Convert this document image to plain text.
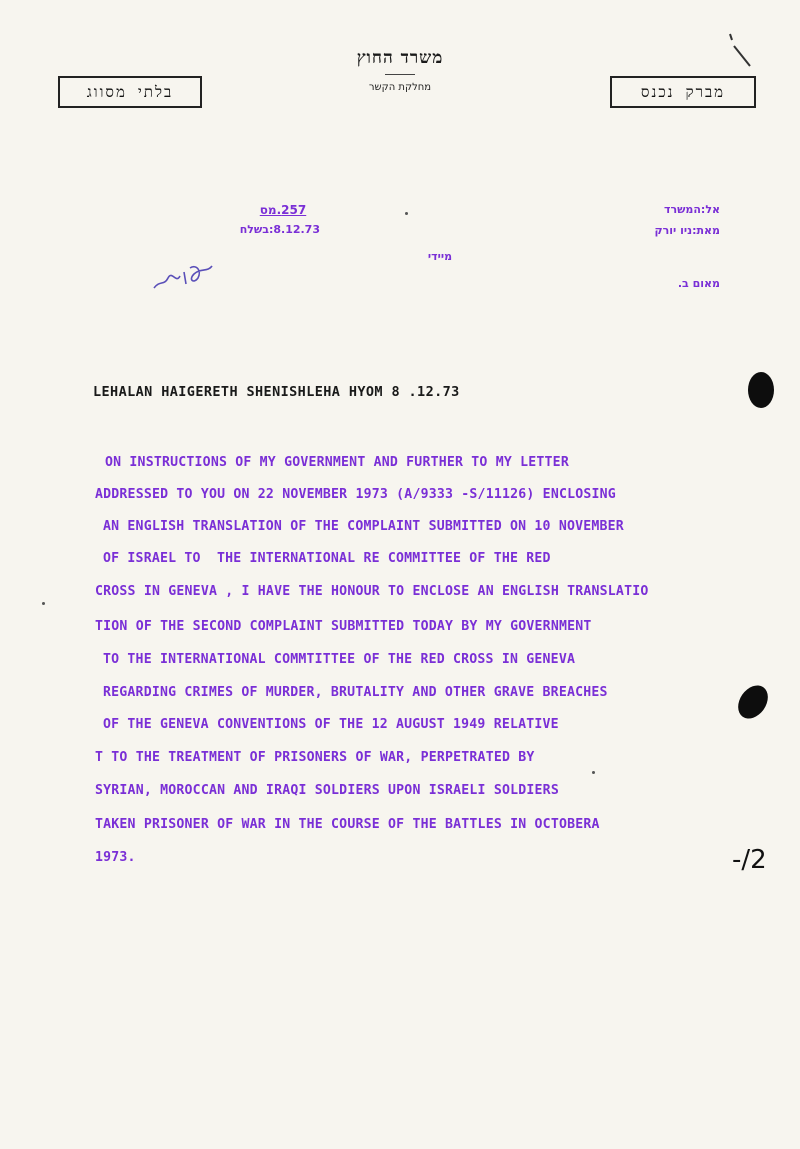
משרד החוץ
מחלקת הקשר
בלתי מסווג	מברק נכנס
257.מס
8.12.73:בשלח
אל:המשרד
מאת:ניו יורק
מיידי
מאום ב.
LEHALAN HAIGERETH SHENISHLEHA HYOM 8 .12.73
ON INSTRUCTIONS OF MY GOVERNMENT AND FURTHER TO MY LETTER
ADDRESSED TO YOU ON 22 NOVEMBER 1973 (A/9333 -S/11126) ENCLOSING
AN ENGLISH TRANSLATION OF THE COMPLAINT SUBMITTED ON 10 NOVEMBER
OF ISRAEL TO  THE INTERNATIONAL RE COMMITTEE OF THE RED
CROSS IN GENEVA , I HAVE THE HONOUR TO ENCLOSE AN ENGLISH TRANSLATIO
TION OF THE SECOND COMPLAINT SUBMITTED TODAY BY MY GOVERNMENT
TO THE INTERNATIONAL COMMTITTEE OF THE RED CROSS IN GENEVA
REGARDING CRIMES OF MURDER, BRUTALITY AND OTHER GRAVE BREACHES
OF THE GENEVA CONVENTIONS OF THE 12 AUGUST 1949 RELATIVE
T TO THE TREATMENT OF PRISONERS OF WAR, PERPETRATED BY
SYRIAN, MOROCCAN AND IRAQI SOLDIERS UPON ISRAELI SOLDIERS
TAKEN PRISONER OF WAR IN THE COURSE OF THE BATTLES IN OCTOBERA
1973.	-/2
